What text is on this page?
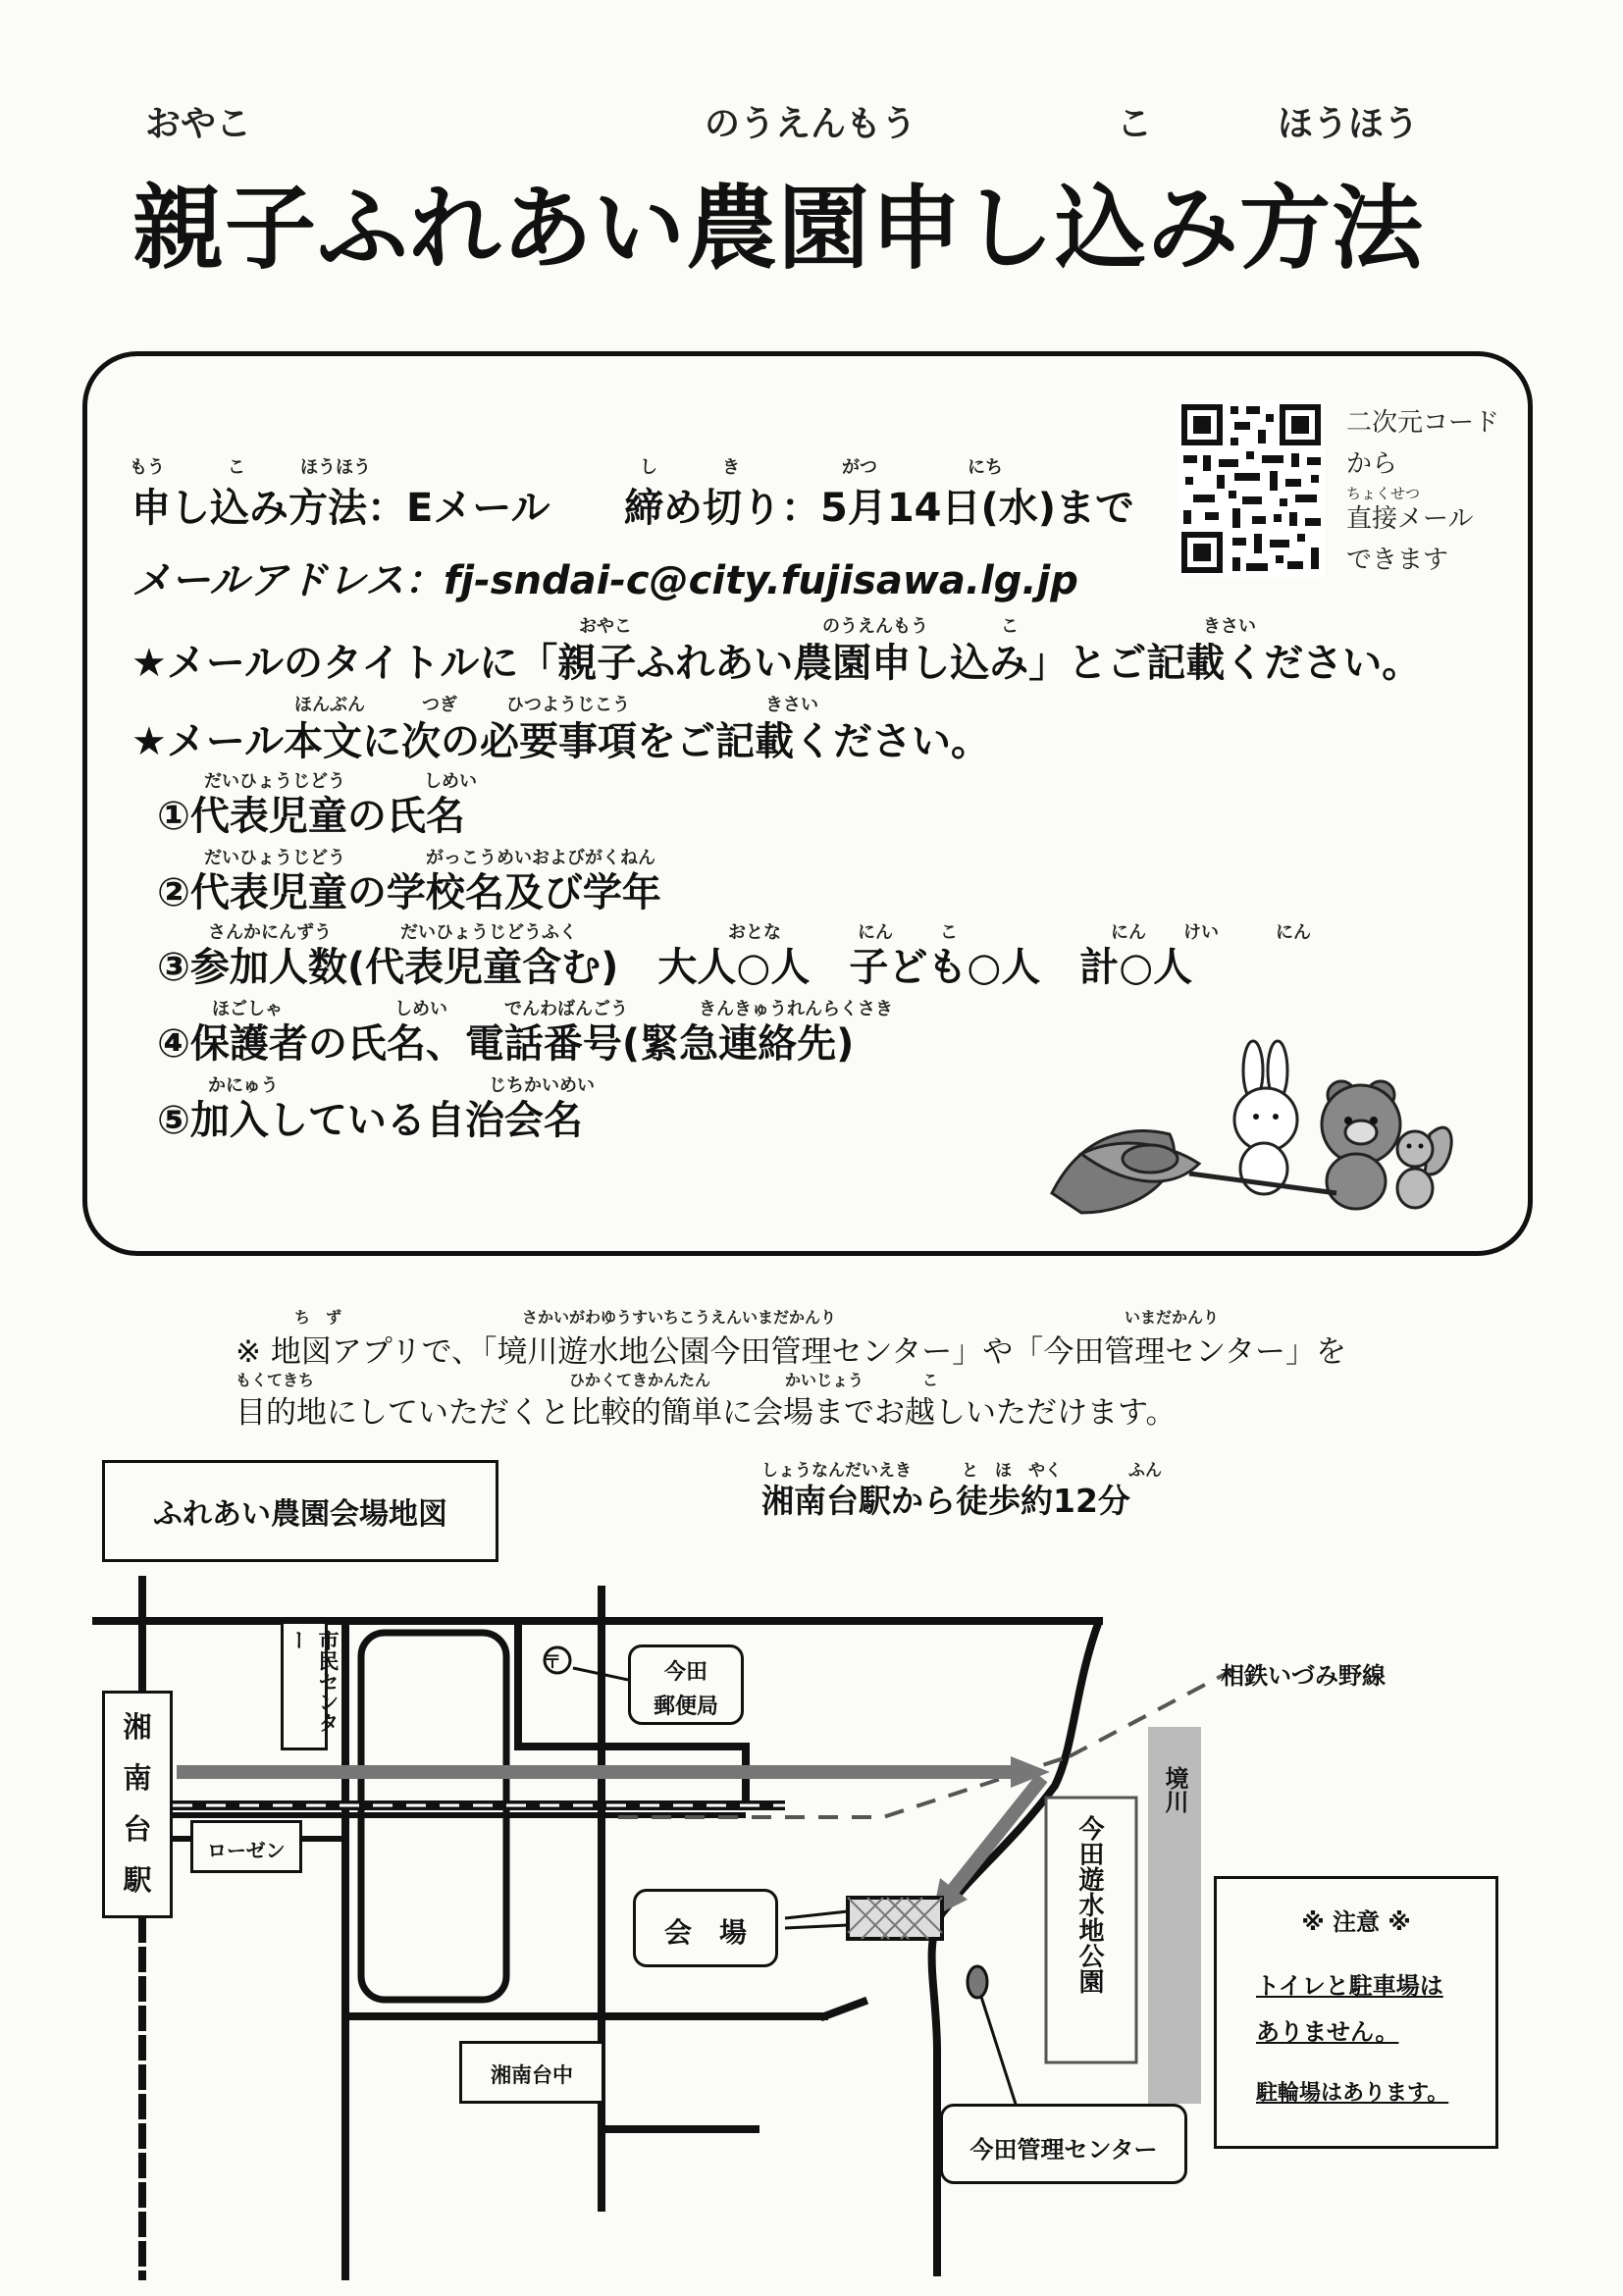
おやこ	のうえんもう	こ	ほうほう
親子ふれあい農園申し込み方法
もう	こ	ほうほう	し	き	がつ	にち
申し込み方法：Eメール 締め切り：5月14日(水)まで
メールアドレス：fj-sndai-c@city.fujisawa.lg.jp
おやこ	のうえんもう	こ	きさい
★メールのタイトルに「親子ふれあい農園申し込み」とご記載ください。
ほんぶん	つぎ	ひつようじこう	きさい
★メール本文に次の必要事項をご記載ください。
だいひょうじどう	しめい
①代表児童の氏名
だいひょうじどう	がっこうめいおよびがくねん
②代表児童の学校名及び学年
さんかにんずう	だいひょうじどうふく	おとな	にん	こ	にん けい	にん
③参加人数(代表児童含む)　大人○人　子ども○人　計○人
ほごしゃ	しめい	でんわばんごう	きんきゅうれんらくさき
④保護者の氏名、電話番号(緊急連絡先)
かにゅう	じちかいめい
⑤加入している自治会名
二次元コード
から
ちょくせつ
直接メール
できます
ち　ず	さかいがわゆうすいちこうえんいまだかんり	いまだかんり
※ 地図アプリで、「境川遊水地公園今田管理センター」や「今田管理センター」を
もくてきち	ひかくてきかんたん	かいじょう	こ
目的地にしていただくと比較的簡単に会場までお越しいただけます。
ふれあい農園会場地図
しょうなんだいえき　　　と　ほ　やく　　　　ふん
湘南台駅から徒歩約12分
湘
南
台
駅
市民センター
〒	今田
郵便局
相鉄いづみ野線
境川
今田遊水地公園
ローゼン
会　場
湘南台中
今田管理センター
※ 注意 ※
トイレと駐車場は
ありません。
駐輪場はあります。
